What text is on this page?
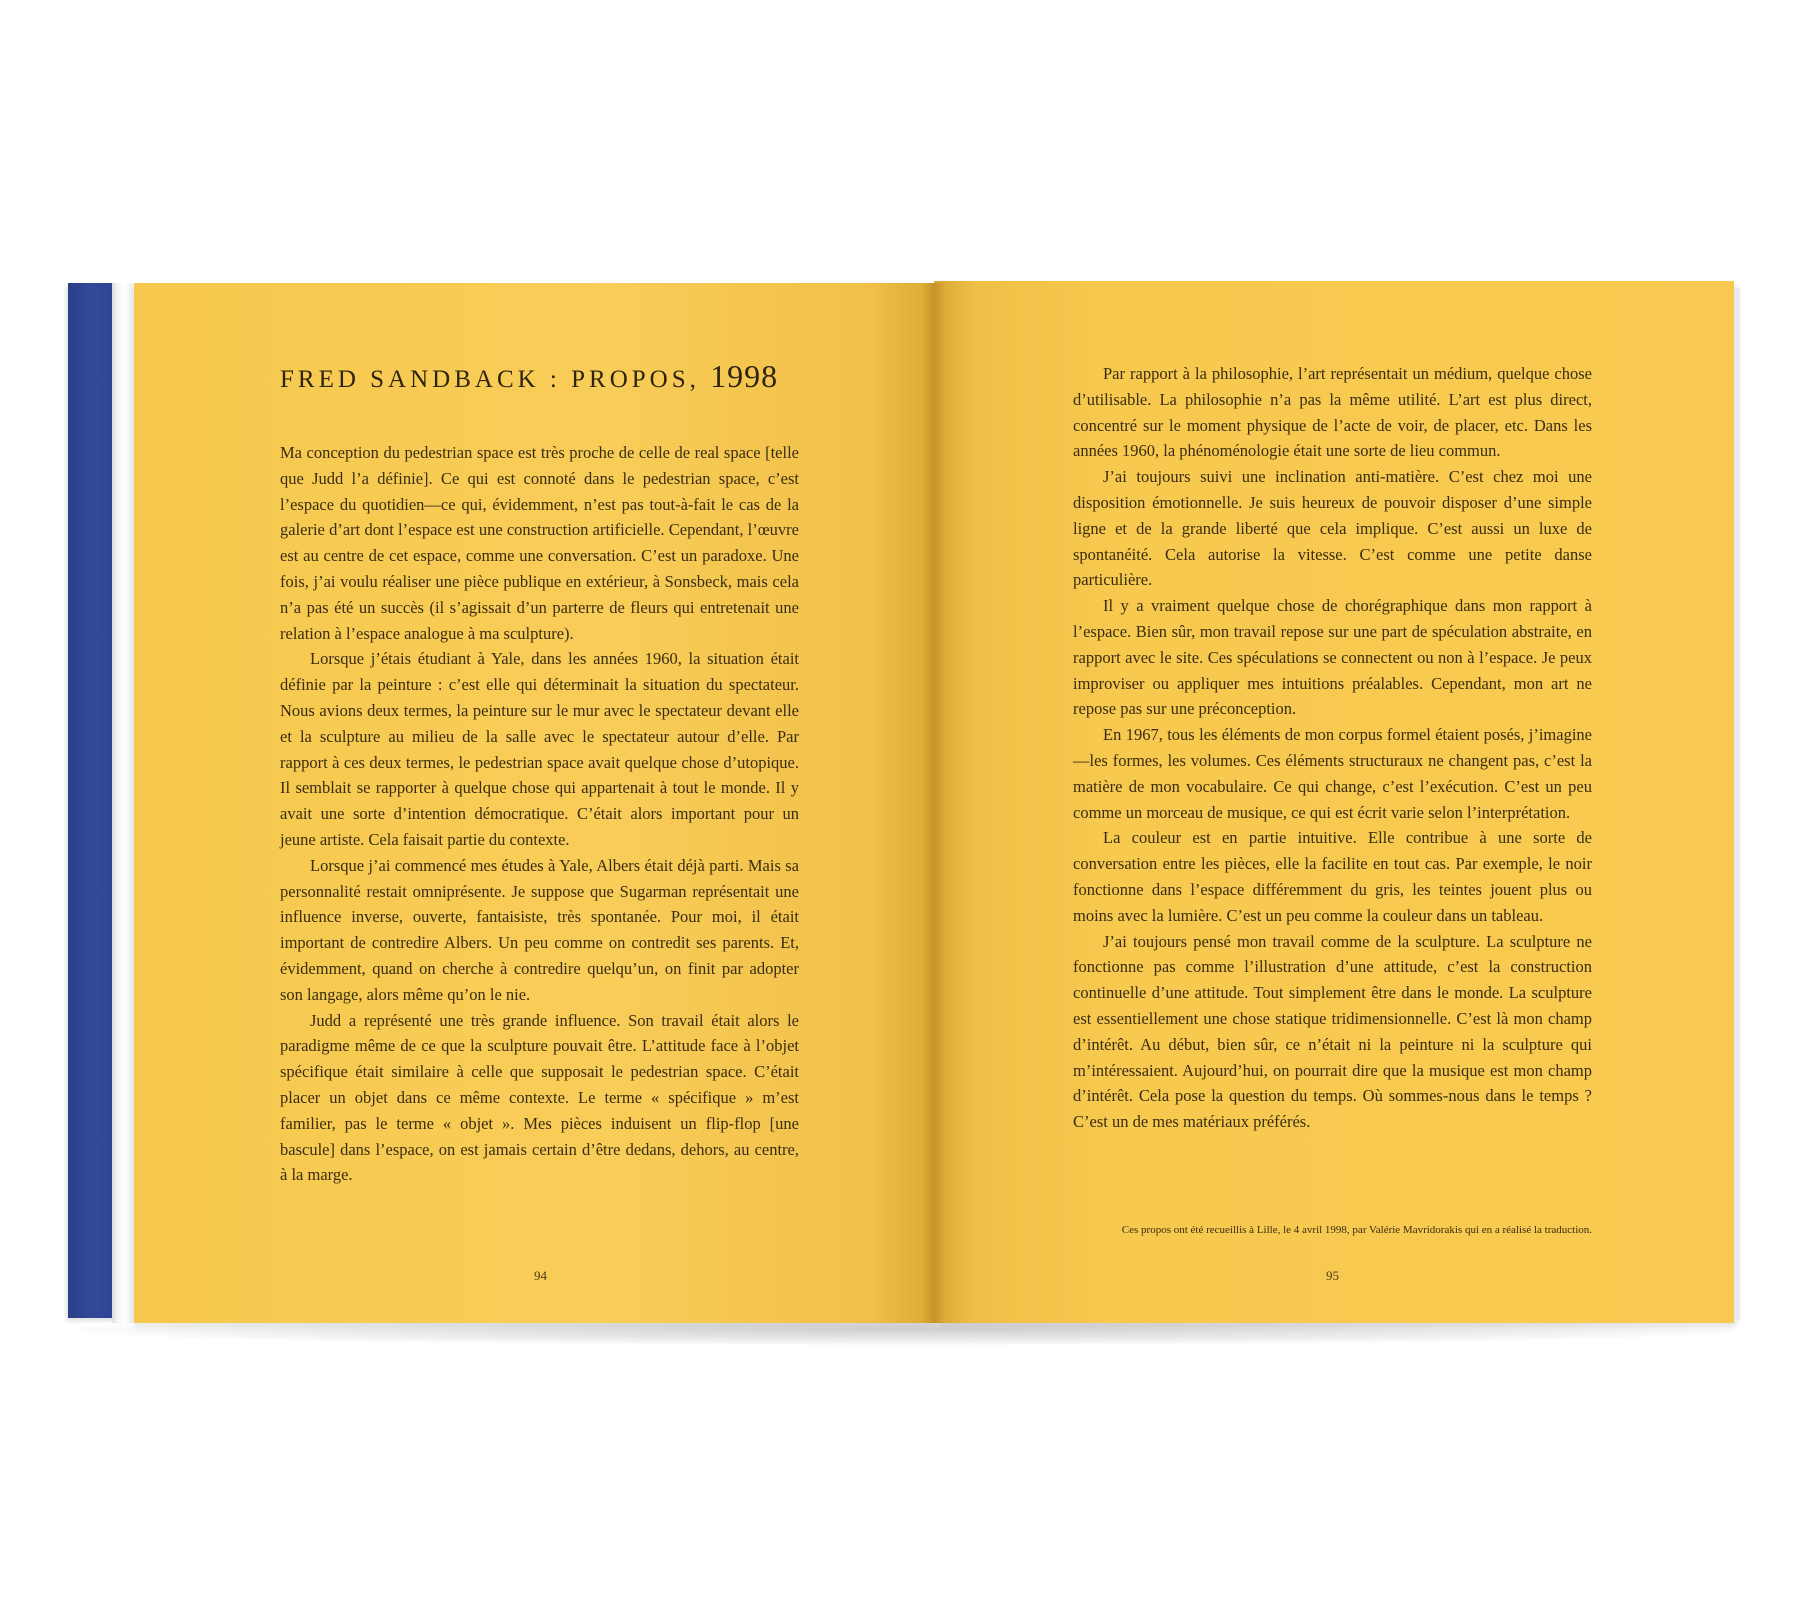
FRED SANDBACK : PROPOS, 1998

Ma conception du pedestrian space est très proche de celle de real space [telle que Judd l’a définie]. Ce qui est connoté dans le pedestrian space, c’est l’espace du quotidien—ce qui, évidemment, n’est pas tout-à-fait le cas de la galerie d’art dont l’espace est une construction artificielle. Cependant, l’œuvre est au centre de cet espace, comme une conversation. C’est un paradoxe. Une fois, j’ai voulu réaliser une pièce publique en extérieur, à Sonsbeck, mais cela n’a pas été un succès (il s’agissait d’un parterre de fleurs qui entretenait une relation à l’espace analogue à ma sculpture).

Lorsque j’étais étudiant à Yale, dans les années 1960, la situation était définie par la peinture : c’est elle qui déterminait la situation du spectateur. Nous avions deux termes, la peinture sur le mur avec le spectateur devant elle et la sculpture au milieu de la salle avec le spectateur autour d’elle. Par rapport à ces deux termes, le pedestrian space avait quelque chose d’utopique. Il semblait se rapporter à quelque chose qui appartenait à tout le monde. Il y avait une sorte d’intention démocratique. C’était alors important pour un jeune artiste. Cela faisait partie du contexte.

Lorsque j’ai commencé mes études à Yale, Albers était déjà parti. Mais sa personnalité restait omniprésente. Je suppose que Sugarman représentait une influence inverse, ouverte, fantaisiste, très spontanée. Pour moi, il était important de contredire Albers. Un peu comme on contredit ses parents. Et, évidemment, quand on cherche à contredire quelqu’un, on finit par adopter son langage, alors même qu’on le nie.

Judd a représenté une très grande influence. Son travail était alors le paradigme même de ce que la sculpture pouvait être. L’attitude face à l’objet spécifique était similaire à celle que supposait le pedestrian space. C’était placer un objet dans ce même contexte. Le terme « spécifique » m’est familier, pas le terme « objet ». Mes pièces induisent un flip-flop [une bascule] dans l’espace, on est jamais certain d’être dedans, dehors, au centre, à la marge.

Par rapport à la philosophie, l’art représentait un médium, quelque chose d’utilisable. La philosophie n’a pas la même utilité. L’art est plus direct, concentré sur le moment physique de l’acte de voir, de placer, etc. Dans les années 1960, la phénoménologie était une sorte de lieu commun.

J’ai toujours suivi une inclination anti-matière. C’est chez moi une disposition émotionnelle. Je suis heureux de pouvoir disposer d’une simple ligne et de la grande liberté que cela implique. C’est aussi un luxe de spontanéité. Cela autorise la vitesse. C’est comme une petite danse particulière.

Il y a vraiment quelque chose de chorégraphique dans mon rapport à l’espace. Bien sûr, mon travail repose sur une part de spéculation abstraite, en rapport avec le site. Ces spéculations se connectent ou non à l’espace. Je peux improviser ou appliquer mes intuitions préalables. Cependant, mon art ne repose pas sur une préconception.

En 1967, tous les éléments de mon corpus formel étaient posés, j’imagine—les formes, les volumes. Ces éléments structuraux ne changent pas, c’est la matière de mon vocabulaire. Ce qui change, c’est l’exécution. C’est un peu comme un morceau de musique, ce qui est écrit varie selon l’interprétation.

La couleur est en partie intuitive. Elle contribue à une sorte de conversation entre les pièces, elle la facilite en tout cas. Par exemple, le noir fonctionne dans l’espace différemment du gris, les teintes jouent plus ou moins avec la lumière. C’est un peu comme la couleur dans un tableau.

J’ai toujours pensé mon travail comme de la sculpture. La sculpture ne fonctionne pas comme l’illustration d’une attitude, c’est la construction continuelle d’une attitude. Tout simplement être dans le monde. La sculpture est essentiellement une chose statique tridimensionnelle. C’est là mon champ d’intérêt. Au début, bien sûr, ce n’était ni la peinture ni la sculpture qui m’intéressaient. Aujourd’hui, on pourrait dire que la musique est mon champ d’intérêt. Cela pose la question du temps. Où sommes-nous dans le temps ? C’est un de mes matériaux préférés.

Ces propos ont été recueillis à Lille, le 4 avril 1998, par Valérie Mavridorakis qui en a réalisé la traduction.

94	95
